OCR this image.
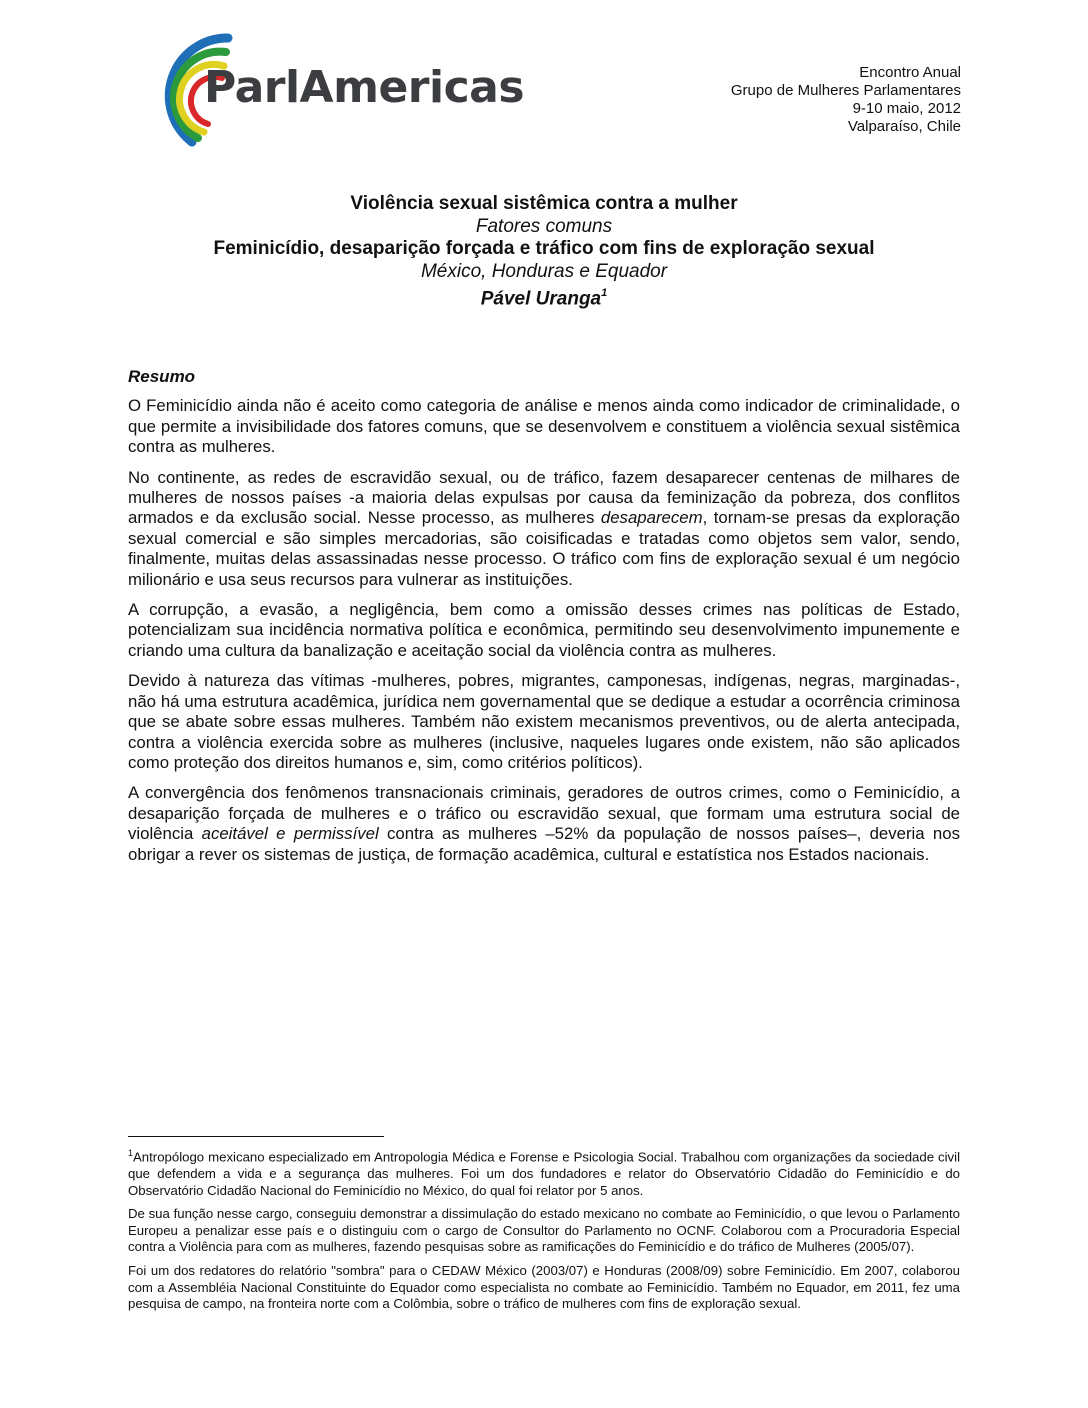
ParlAmericas	Encontro Anual
Grupo de Mulheres Parlamentares
9-10 maio, 2012
Valparaíso, Chile
Violência sexual sistêmica contra a mulher
Fatores comuns
Feminicídio, desaparição forçada e tráfico com fins de exploração sexual
México, Honduras e Equador
Pável Uranga$^1$
Resumo

O Feminicídio ainda não é aceito como categoria de análise e menos ainda como indicador de criminalidade, o que permite a invisibilidade dos fatores comuns, que se desenvolvem e constituem a violência sexual sistêmica contra as mulheres.

No continente, as redes de escravidão sexual, ou de tráfico, fazem desaparecer centenas de milhares de mulheres de nossos países -a maioria delas expulsas por causa da feminização da pobreza, dos conflitos armados e da exclusão social. Nesse processo, as mulheres desaparecem, tornam-se presas da exploração sexual comercial e são simples mercadorias, são coisificadas e tratadas como objetos sem valor, sendo, finalmente, muitas delas assassinadas nesse processo. O tráfico com fins de exploração sexual é um negócio milionário e usa seus recursos para vulnerar as instituições.

A corrupção, a evasão, a negligência, bem como a omissão desses crimes nas políticas de Estado, potencializam sua incidência normativa política e econômica, permitindo seu desenvolvimento impunemente e criando uma cultura da banalização e aceitação social da violência contra as mulheres.

Devido à natureza das vítimas -mulheres, pobres, migrantes, camponesas, indígenas, negras, marginadas-, não há uma estrutura acadêmica, jurídica nem governamental que se dedique a estudar a ocorrência criminosa que se abate sobre essas mulheres. Também não existem mecanismos preventivos, ou de alerta antecipada, contra a violência exercida sobre as mulheres (inclusive, naqueles lugares onde existem, não são aplicados como proteção dos direitos humanos e, sim, como critérios políticos).

A convergência dos fenômenos transnacionais criminais, geradores de outros crimes, como o Feminicídio, a desaparição forçada de mulheres e o tráfico ou escravidão sexual, que formam uma estrutura social de violência aceitável e permissível contra as mulheres –52% da população de nossos países–, deveria nos obrigar a rever os sistemas de justiça, de formação acadêmica, cultural e estatística nos Estados nacionais.

$^1$Antropólogo mexicano especializado em Antropologia Médica e Forense e Psicologia Social. Trabalhou com organizações da sociedade civil que defendem a vida e a segurança das mulheres. Foi um dos fundadores e relator do Observatório Cidadão do Feminicídio e do Observatório Cidadão Nacional do Feminicídio no México, do qual foi relator por 5 anos.

De sua função nesse cargo, conseguiu demonstrar a dissimulação do estado mexicano no combate ao Feminicídio, o que levou o Parlamento Europeu a penalizar esse país e o distinguiu com o cargo de Consultor do Parlamento no OCNF. Colaborou com a Procuradoria Especial contra a Violência para com as mulheres, fazendo pesquisas sobre as ramificações do Feminicídio e do tráfico de Mulheres (2005/07).

Foi um dos redatores do relatório "sombra" para o CEDAW México (2003/07) e Honduras (2008/09) sobre Feminicídio. Em 2007, colaborou com a Assembléia Nacional Constituinte do Equador como especialista no combate ao Feminicídio. Também no Equador, em 2011, fez uma pesquisa de campo, na fronteira norte com a Colômbia, sobre o tráfico de mulheres com fins de exploração sexual.
